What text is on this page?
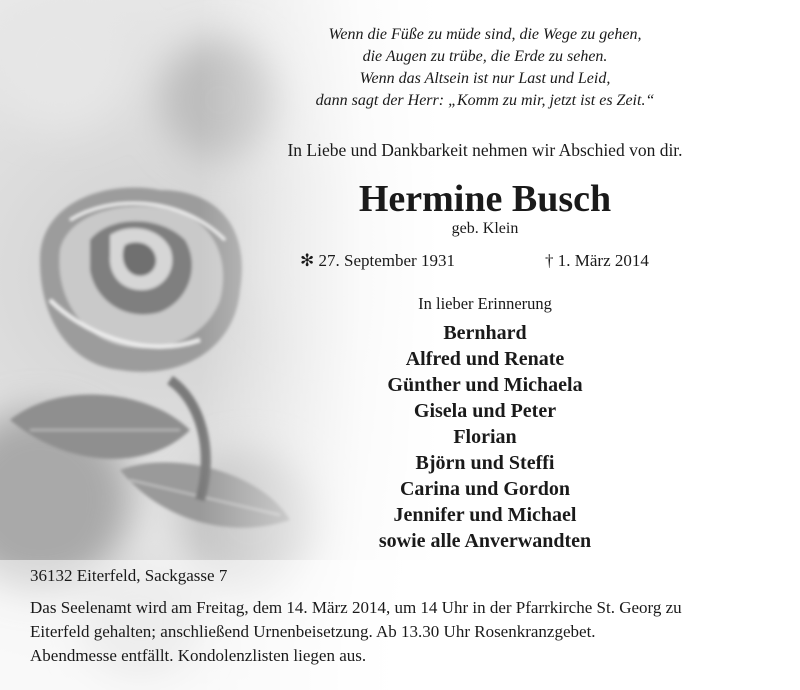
Wenn die Füße zu müde sind, die Wege zu gehen,
die Augen zu trübe, die Erde zu sehen.
Wenn das Altsein ist nur Last und Leid,
dann sagt der Herr: „Komm zu mir, jetzt ist es Zeit.“
In Liebe und Dankbarkeit nehmen wir Abschied von dir.
Hermine Busch
geb. Klein
✻ 27. September 1931	† 1. März 2014
In lieber Erinnerung
Bernhard
Alfred und Renate
Günther und Michaela
Gisela und Peter
Florian
Björn und Steffi
Carina und Gordon
Jennifer und Michael
sowie alle Anverwandten
36132 Eiterfeld, Sackgasse 7
Das Seelenamt wird am Freitag, dem 14. März 2014, um 14 Uhr in der Pfarrkirche St. Georg zu
Eiterfeld gehalten; anschließend Urnenbeisetzung. Ab 13.30 Uhr Rosenkranzgebet.
Abendmesse entfällt. Kondolenzlisten liegen aus.
